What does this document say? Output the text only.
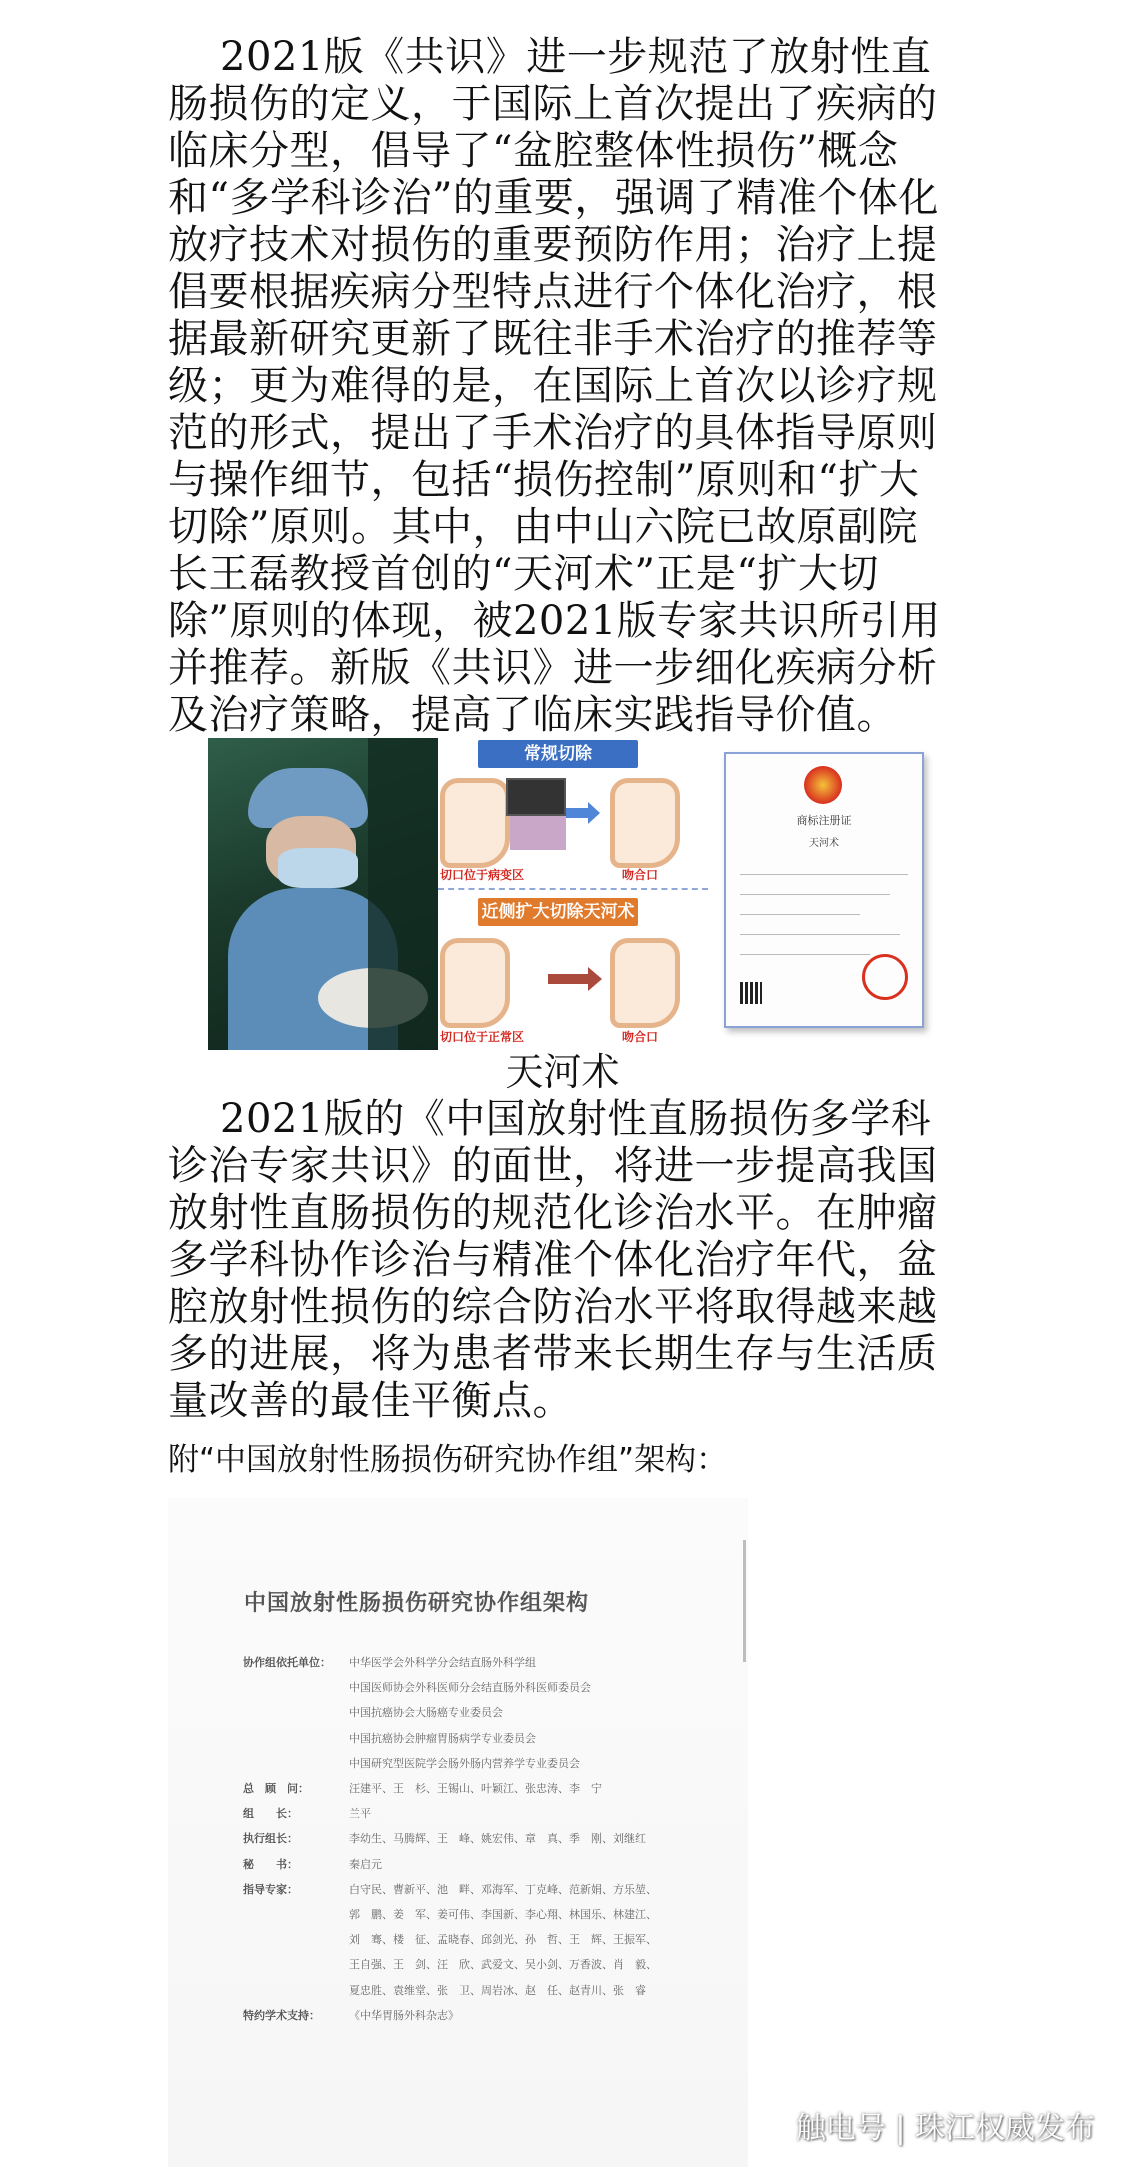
2021版《共识》进一步规范了放射性直肠损伤的定义，于国际上首次提出了疾病的临床分型，倡导了“盆腔整体性损伤”概念和“多学科诊治”的重要，强调了精准个体化放疗技术对损伤的重要预防作用；治疗上提倡要根据疾病分型特点进行个体化治疗，根据最新研究更新了既往非手术治疗的推荐等级；更为难得的是，在国际上首次以诊疗规范的形式，提出了手术治疗的具体指导原则与操作细节，包括“损伤控制”原则和“扩大切除”原则。其中，由中山六院已故原副院长王磊教授首创的“天河术”正是“扩大切除”原则的体现，被2021版专家共识所引用并推荐。新版《共识》进一步细化疾病分析及治疗策略，提高了临床实践指导价值。

常规切除
切口位于病变区	吻合口
近侧扩大切除天河术
切口位于正常区	吻合口
商标注册证
天河术
天河术

2021版的《中国放射性直肠损伤多学科诊治专家共识》的面世，将进一步提高我国放射性直肠损伤的规范化诊治水平。在肿瘤多学科协作诊治与精准个体化治疗年代，盆腔放射性损伤的综合防治水平将取得越来越多的进展，将为患者带来长期生存与生活质量改善的最佳平衡点。

附“中国放射性肠损伤研究协作组”架构：

中国放射性肠损伤研究协作组架构
协作组依托单位：	中华医学会外科学分会结直肠外科学组
中国医师协会外科医师分会结直肠外科医师委员会
中国抗癌协会大肠癌专业委员会
中国抗癌协会肿瘤胃肠病学专业委员会
中国研究型医院学会肠外肠内营养学专业委员会
总　顾　问：	汪建平、王　杉、王锡山、叶颖江、张忠涛、李　宁
组　　长：	兰平
执行组长：	李幼生、马腾辉、王　峰、姚宏伟、章　真、季　刚、刘继红
秘　　书：	秦启元
指导专家：	白守民、曹新平、池　畔、邓海军、丁克峰、范新娟、方乐堃、
郭　鹏、姜　军、姜可伟、李国新、李心翔、林国乐、林建江、
刘　骞、楼　征、孟晓春、邱剑光、孙　哲、王　辉、王振军、
王自强、王　剑、汪　欣、武爱文、吴小剑、万香波、肖　毅、
夏忠胜、袁维堂、张　卫、周岩冰、赵　任、赵青川、张　睿
特约学术支持：	《中华胃肠外科杂志》
触电号 | 珠江权威发布
